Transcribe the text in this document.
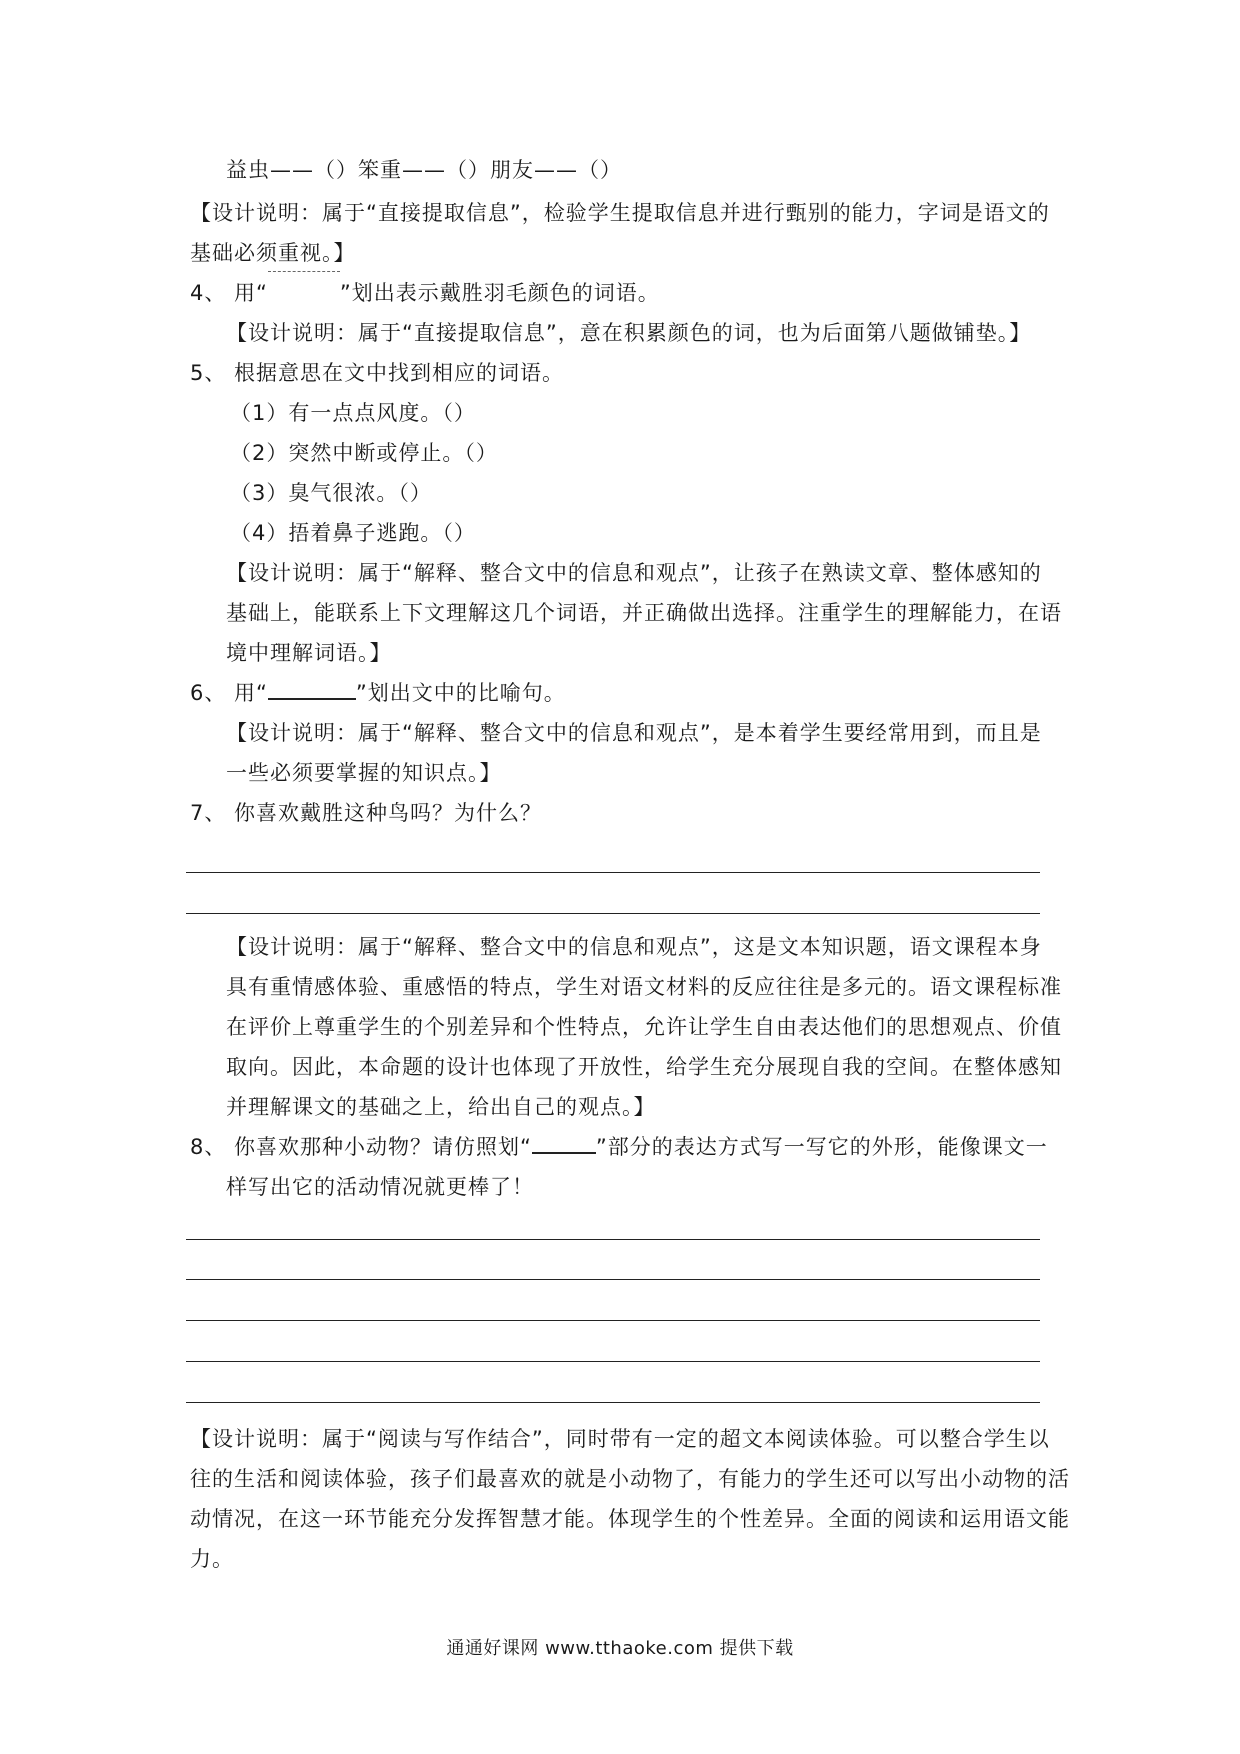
益虫——（）笨重——（）朋友——（）
【设计说明：属于“直接提取信息”，检验学生提取信息并进行甄别的能力，字词是语文的
基础必须重视。】
4、 用“	”划出表示戴胜羽毛颜色的词语。
【设计说明：属于“直接提取信息”，意在积累颜色的词，也为后面第八题做铺垫。】
5、 根据意思在文中找到相应的词语。
（1）有一点点风度。（）
（2）突然中断或停止。（）
（3）臭气很浓。（）
（4）捂着鼻子逃跑。（）
【设计说明：属于“解释、整合文中的信息和观点”，让孩子在熟读文章、整体感知的
基础上，能联系上下文理解这几个词语，并正确做出选择。注重学生的理解能力，在语
境中理解词语。】
6、 用“	”划出文中的比喻句。
【设计说明：属于“解释、整合文中的信息和观点”，是本着学生要经常用到，而且是
一些必须要掌握的知识点。】
7、 你喜欢戴胜这种鸟吗？为什么？
【设计说明：属于“解释、整合文中的信息和观点”，这是文本知识题，语文课程本身
具有重情感体验、重感悟的特点，学生对语文材料的反应往往是多元的。语文课程标准
在评价上尊重学生的个别差异和个性特点，允许让学生自由表达他们的思想观点、价值
取向。因此，本命题的设计也体现了开放性，给学生充分展现自我的空间。在整体感知
并理解课文的基础之上，给出自己的观点。】
8、 你喜欢那种小动物？请仿照划“	”部分的表达方式写一写它的外形，能像课文一
样写出它的活动情况就更棒了！
【设计说明：属于“阅读与写作结合”，同时带有一定的超文本阅读体验。可以整合学生以
往的生活和阅读体验，孩子们最喜欢的就是小动物了，有能力的学生还可以写出小动物的活
动情况，在这一环节能充分发挥智慧才能。体现学生的个性差异。全面的阅读和运用语文能
力。
通通好课网 www.tthaoke.com 提供下载
